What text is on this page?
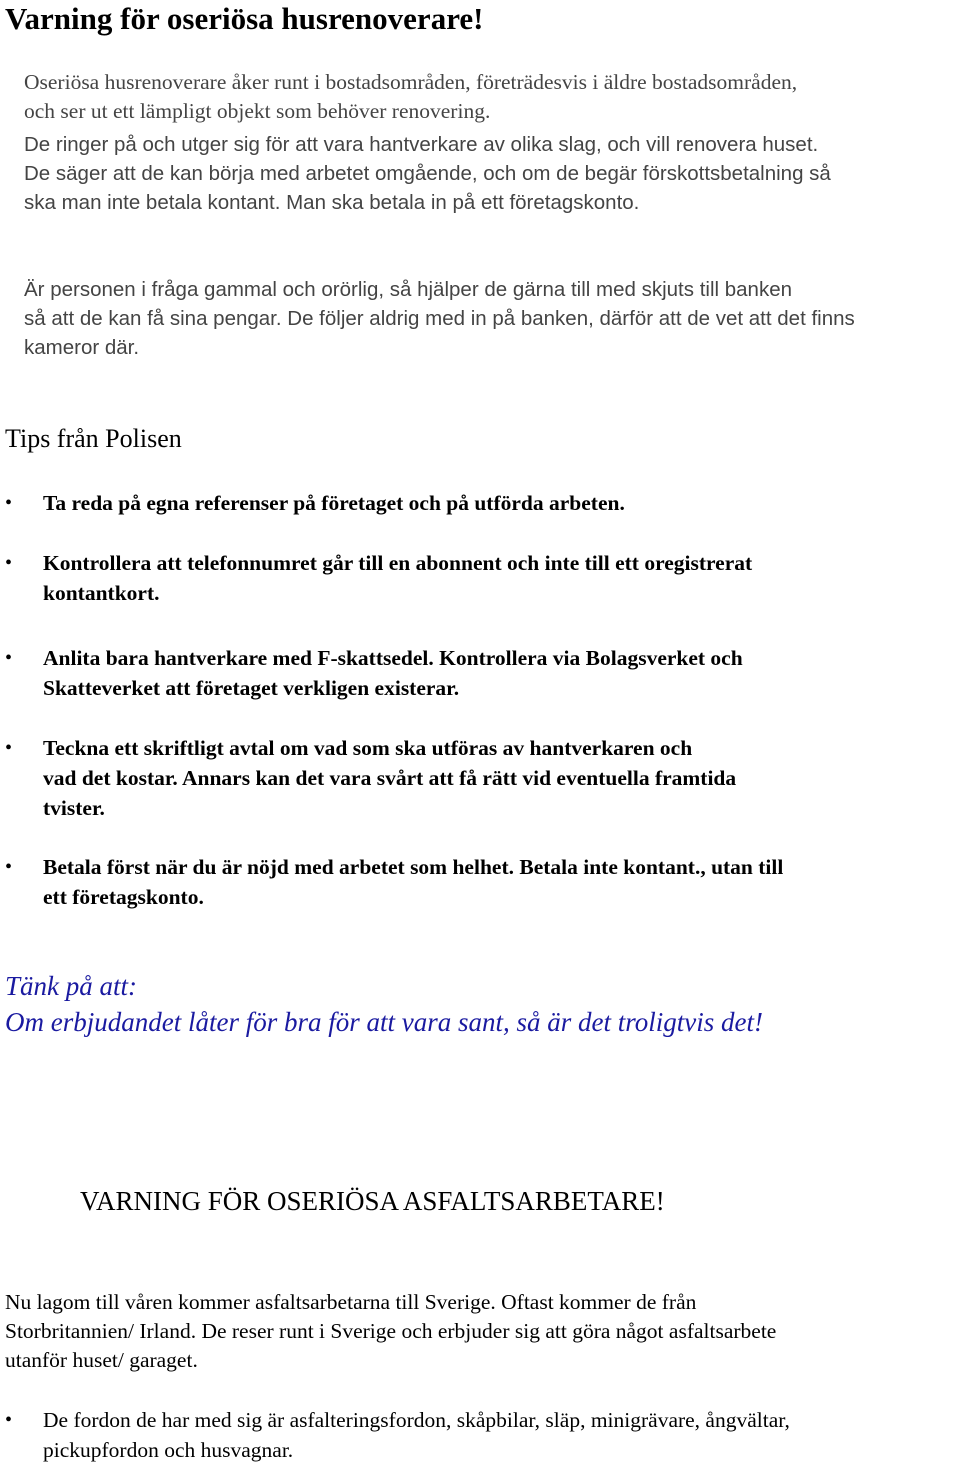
Varning för oseriösa husrenoverare!
Oseriösa husrenoverare åker runt i bostadsområden, företrädesvis i äldre bostadsområden,
och ser ut ett lämpligt objekt som behöver renovering.
De ringer på och utger sig för att vara hantverkare av olika slag, och vill renovera huset.
De säger att de kan börja med arbetet omgående, och om de begär förskottsbetalning så
ska man inte betala kontant. Man ska betala in på ett företagskonto.
Är personen i fråga gammal och orörlig, så hjälper de gärna till med skjuts till banken
så att de kan få sina pengar. De följer aldrig med in på banken, därför att de vet att det finns
kameror där.
Tips från Polisen
• Ta reda på egna referenser på företaget och på utförda arbeten.
• Kontrollera att telefonnumret går till en abonnent och inte till ett oregistrerat
kontantkort.
• Anlita bara hantverkare med F-skattsedel. Kontrollera via Bolagsverket och
Skatteverket att företaget verkligen existerar.
• Teckna ett skriftligt avtal om vad som ska utföras av hantverkaren och
vad det kostar. Annars kan det vara svårt att få rätt vid eventuella framtida
tvister.
• Betala först när du är nöjd med arbetet som helhet. Betala inte kontant., utan till
ett företagskonto.
Tänk på att:
Om erbjudandet låter för bra för att vara sant, så är det troligtvis det!
VARNING FÖR OSERIÖSA ASFALTSARBETARE!
Nu lagom till våren kommer asfaltsarbetarna till Sverige. Oftast kommer de från
Storbritannien/ Irland. De reser runt i Sverige och erbjuder sig att göra något asfaltsarbete
utanför huset/ garaget.
• De fordon de har med sig är asfalteringsfordon, skåpbilar, släp, minigrävare, ångvältar,
pickupfordon och husvagnar.
